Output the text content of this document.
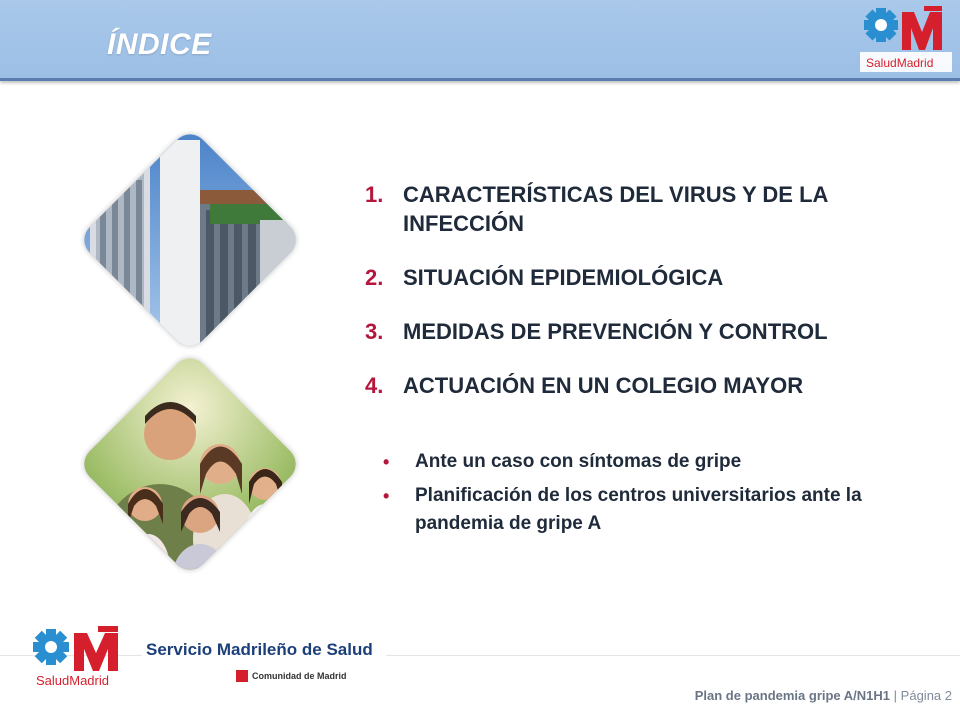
ÍNDICE
SaludMadrid
1. CARACTERÍSTICAS DEL VIRUS Y DE LA INFECCIÓN
2. SITUACIÓN EPIDEMIOLÓGICA
3. MEDIDAS DE PREVENCIÓN Y CONTROL
4. ACTUACIÓN EN UN COLEGIO MAYOR
• Ante un caso con síntomas de gripe
• Planificación de los centros universitarios ante la pandemia de gripe A
Servicio Madrileño de Salud
SaludMadrid	Comunidad de Madrid
Plan de pandemia gripe A/N1H1 | Página 2
